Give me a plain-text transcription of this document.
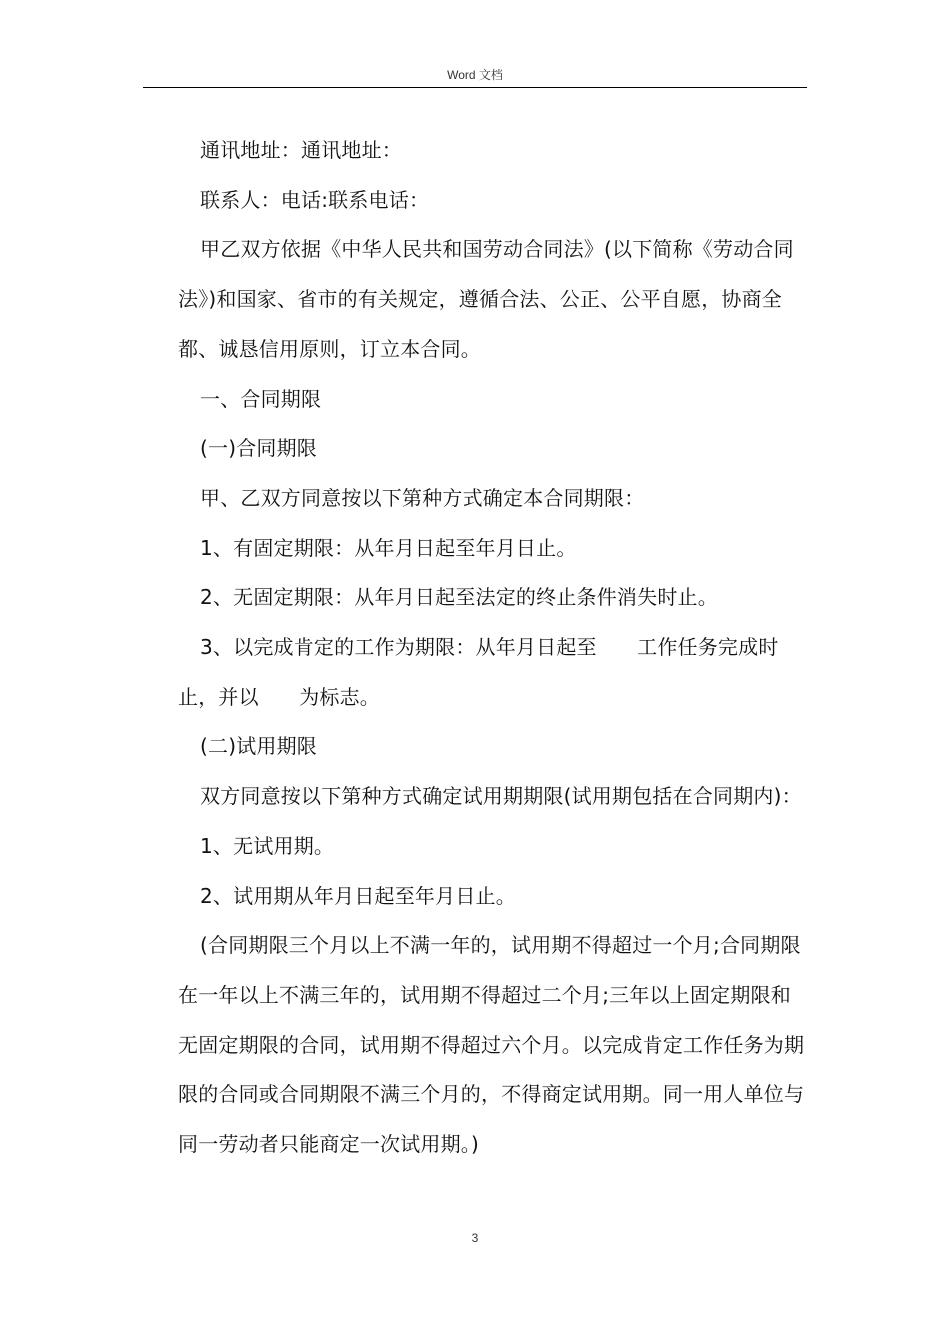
Word 文档

通讯地址：通讯地址：

联系人：电话:联系电话：

甲乙双方依据《中华人民共和国劳动合同法》(以下简称《劳动合同法》)和国家、省市的有关规定，遵循合法、公正、公平自愿，协商全都、诚恳信用原则，订立本合同。

一、合同期限

(一)合同期限

甲、乙双方同意按以下第种方式确定本合同期限：

1、有固定期限：从年月日起至年月日止。

2、无固定期限：从年月日起至法定的终止条件消失时止。

3、以完成肯定的工作为期限：从年月日起至　　工作任务完成时止，并以　　为标志。

(二)试用期限

双方同意按以下第种方式确定试用期期限(试用期包括在合同期内)：

1、无试用期。

2、试用期从年月日起至年月日止。

(合同期限三个月以上不满一年的，试用期不得超过一个月;合同期限在一年以上不满三年的，试用期不得超过二个月;三年以上固定期限和无固定期限的合同，试用期不得超过六个月。以完成肯定工作任务为期限的合同或合同期限不满三个月的，不得商定试用期。同一用人单位与同一劳动者只能商定一次试用期。)

3
